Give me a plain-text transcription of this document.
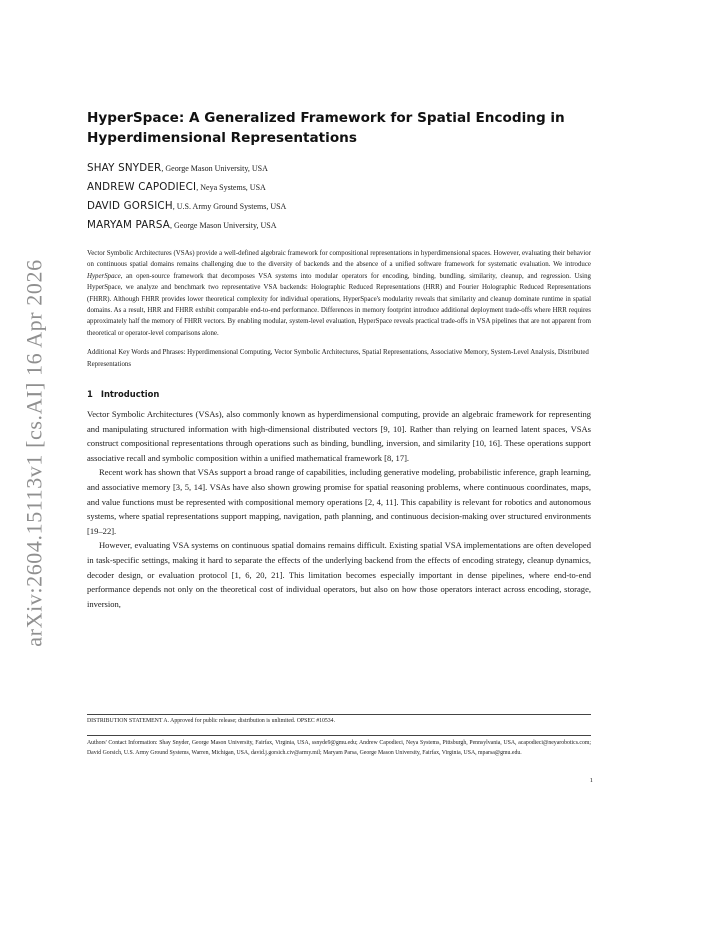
arXiv:2604.15113v1 [cs.AI] 16 Apr 2026
HyperSpace: A Generalized Framework for Spatial Encoding in Hyperdimensional Representations
SHAY SNYDER, George Mason University, USA
ANDREW CAPODIECI, Neya Systems, USA
DAVID GORSICH, U.S. Army Ground Systems, USA
MARYAM PARSA, George Mason University, USA
Vector Symbolic Architectures (VSAs) provide a well-defined algebraic framework for compositional representations in hyperdimensional spaces. However, evaluating their behavior on continuous spatial domains remains challenging due to the diversity of backends and the absence of a unified software framework for systematic evaluation. We introduce HyperSpace, an open-source framework that decomposes VSA systems into modular operators for encoding, binding, bundling, similarity, cleanup, and regression. Using HyperSpace, we analyze and benchmark two representative VSA backends: Holographic Reduced Representations (HRR) and Fourier Holographic Reduced Representations (FHRR). Although FHRR provides lower theoretical complexity for individual operations, HyperSpace's modularity reveals that similarity and cleanup dominate runtime in spatial domains. As a result, HRR and FHRR exhibit comparable end-to-end performance. Differences in memory footprint introduce additional deployment trade-offs where HRR requires approximately half the memory of FHRR vectors. By enabling modular, system-level evaluation, HyperSpace reveals practical trade-offs in VSA pipelines that are not apparent from theoretical or operator-level comparisons alone.
Additional Key Words and Phrases: Hyperdimensional Computing, Vector Symbolic Architectures, Spatial Representations, Associative Memory, System-Level Analysis, Distributed Representations
1 Introduction

Vector Symbolic Architectures (VSAs), also commonly known as hyperdimensional computing, provide an algebraic framework for representing and manipulating structured information with high-dimensional distributed vectors [9, 10]. Rather than relying on learned latent spaces, VSAs construct compositional representations through operations such as binding, bundling, inversion, and similarity [10, 16]. These operations support associative recall and symbolic composition within a unified mathematical framework [8, 17].

Recent work has shown that VSAs support a broad range of capabilities, including generative modeling, probabilistic inference, graph learning, and associative memory [3, 5, 14]. VSAs have also shown growing promise for spatial reasoning problems, where continuous coordinates, maps, and value functions must be represented with compositional memory operations [2, 4, 11]. This capability is relevant for robotics and autonomous systems, where spatial representations support mapping, navigation, path planning, and continuous decision-making over structured environments [19–22].

However, evaluating VSA systems on continuous spatial domains remains difficult. Existing spatial VSA implementations are often developed in task-specific settings, making it hard to separate the effects of the underlying backend from the effects of encoding strategy, cleanup dynamics, decoder design, or evaluation protocol [1, 6, 20, 21]. This limitation becomes especially important in dense pipelines, where end-to-end performance depends not only on the theoretical cost of individual operators, but also on how those operators interact across encoding, storage, inversion,

DISTRIBUTION STATEMENT A. Approved for public release; distribution is unlimited. OPSEC #10534.
Authors' Contact Information: Shay Snyder, George Mason University, Fairfax, Virginia, USA, ssnyde9@gmu.edu; Andrew Capodieci, Neya Systems, Pittsburgh, Pennsylvania, USA, acapodieci@neyarobotics.com; David Gorsich, U.S. Army Ground Systems, Warren, Michigan, USA, david.j.gorsich.civ@army.mil; Maryam Parsa, George Mason University, Fairfax, Virginia, USA, mparsa@gmu.edu.
1
